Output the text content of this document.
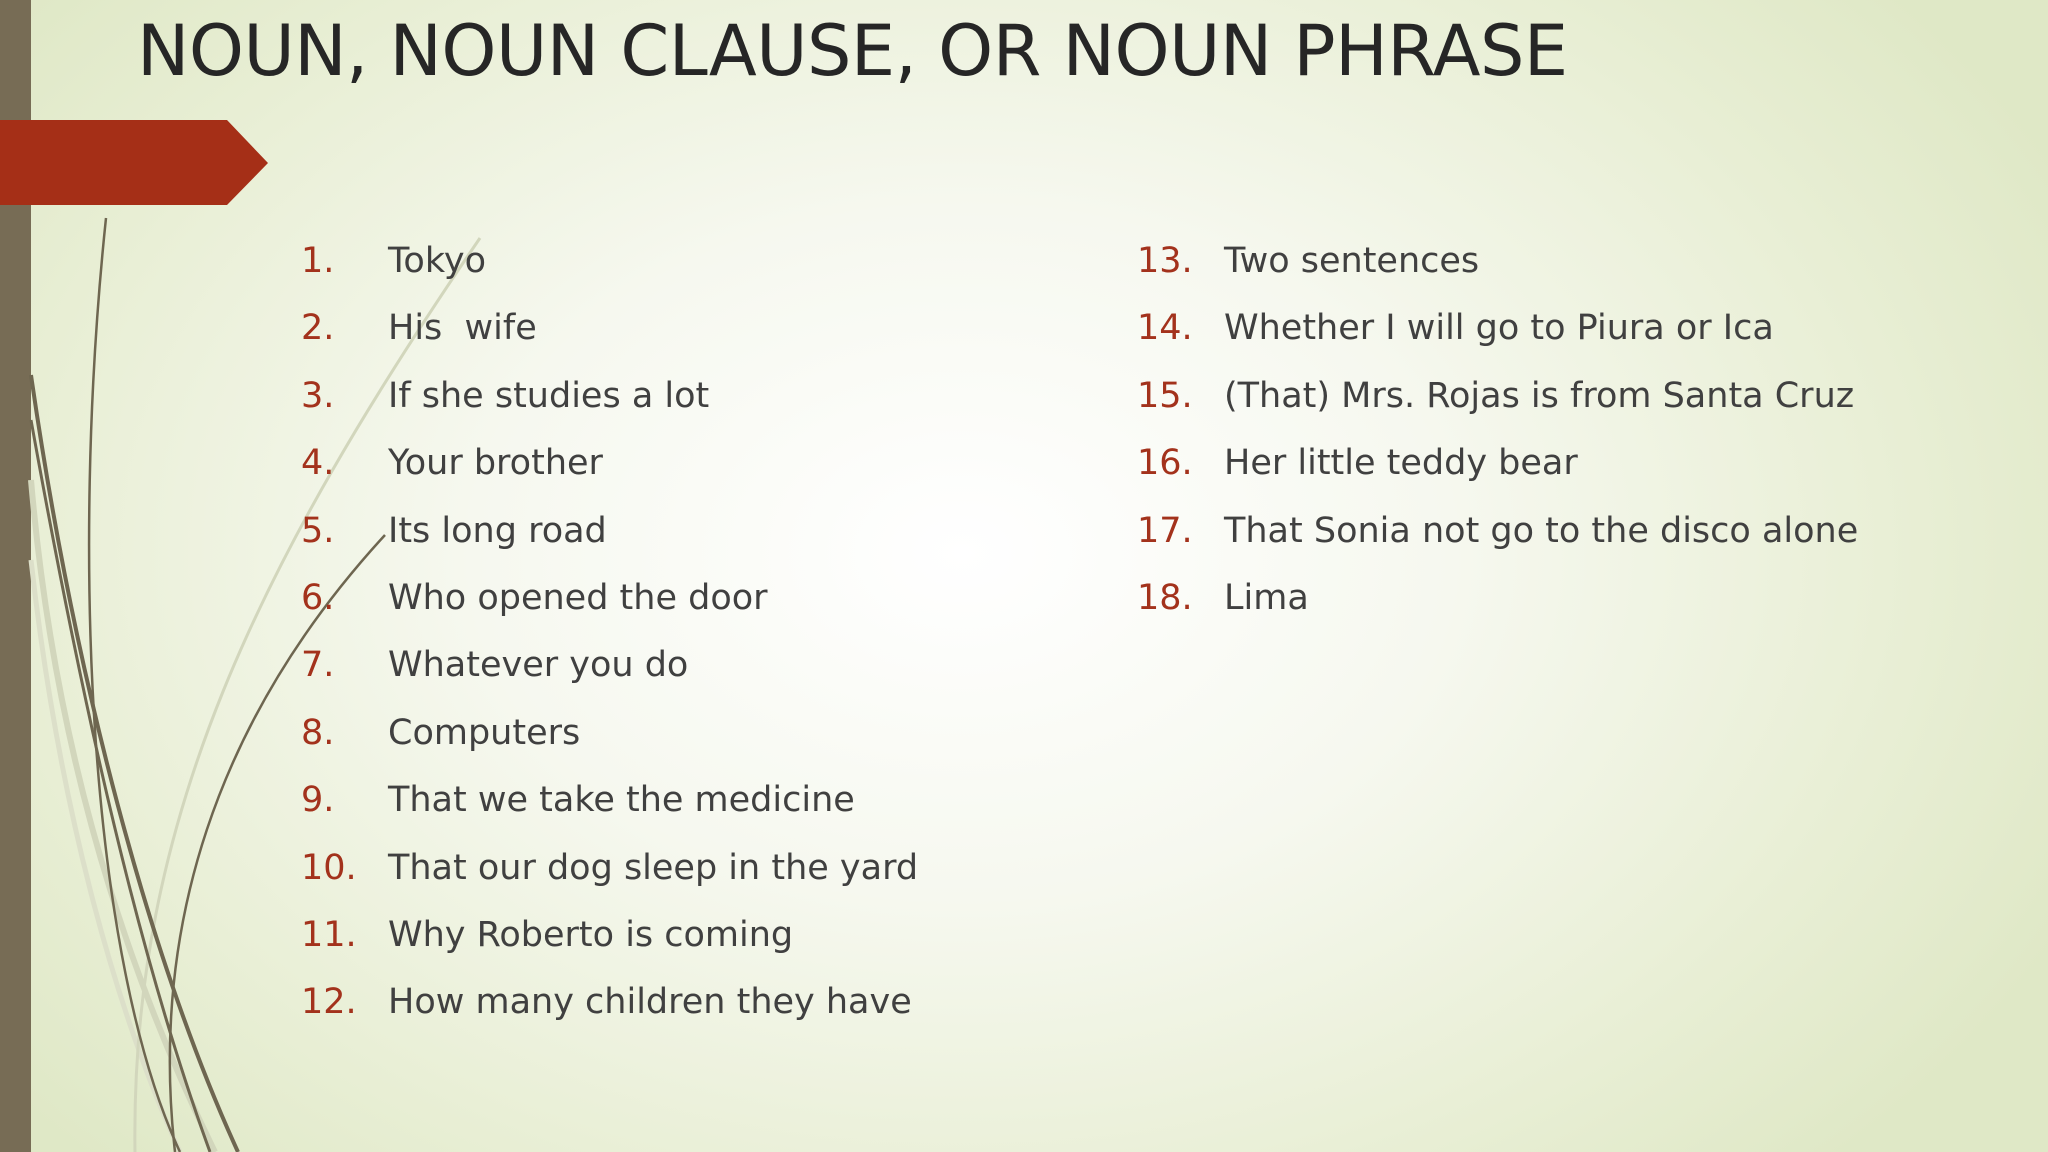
NOUN, NOUN CLAUSE, OR NOUN PHRASE
1. Tokyo
2. His  wife
3. If she studies a lot
4. Your brother
5. Its long road
6. Who opened the door
7. Whatever you do
8. Computers
9. That we take the medicine
10. That our dog sleep in the yard
11. Why Roberto is coming
12. How many children they have
13. Two sentences
14. Whether I will go to Piura or Ica
15. (That) Mrs. Rojas is from Santa Cruz
16. Her little teddy bear
17. That Sonia not go to the disco alone
18. Lima
